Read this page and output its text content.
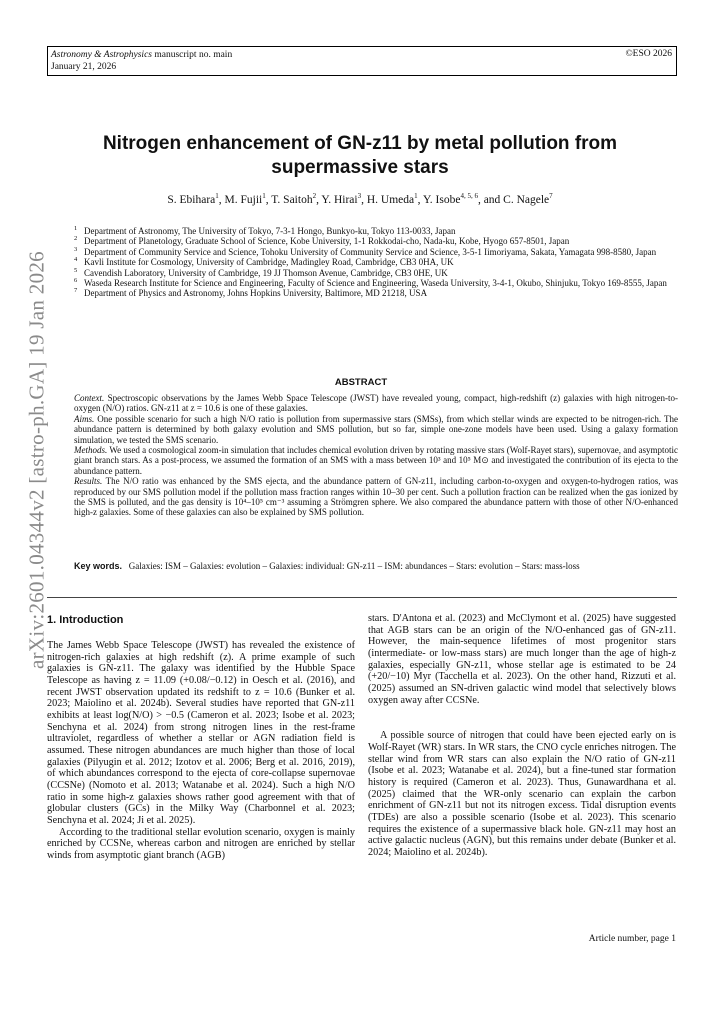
Astronomy & Astrophysics manuscript no. main
January 21, 2026
©ESO 2026
arXiv:2601.04344v2 [astro-ph.GA] 19 Jan 2026
Nitrogen enhancement of GN-z11 by metal pollution from supermassive stars
S. Ebihara$^1$, M. Fujii$^1$, T. Saitoh$^2$, Y. Hirai$^3$, H. Umeda$^1$, Y. Isobe$^{4, 5, 6}$, and C. Nagele$^7$
1 Department of Astronomy, The University of Tokyo, 7-3-1 Hongo, Bunkyo-ku, Tokyo 113-0033, Japan
2 Department of Planetology, Graduate School of Science, Kobe University, 1-1 Rokkodai-cho, Nada-ku, Kobe, Hyogo 657-8501, Japan
3 Department of Community Service and Science, Tohoku University of Community Service and Science, 3-5-1 Iimoriyama, Sakata, Yamagata 998-8580, Japan
4 Kavli Institute for Cosmology, University of Cambridge, Madingley Road, Cambridge, CB3 0HA, UK
5 Cavendish Laboratory, University of Cambridge, 19 JJ Thomson Avenue, Cambridge, CB3 0HE, UK
6 Waseda Research Institute for Science and Engineering, Faculty of Science and Engineering, Waseda University, 3-4-1, Okubo, Shinjuku, Tokyo 169-8555, Japan
7 Department of Physics and Astronomy, Johns Hopkins University, Baltimore, MD 21218, USA
ABSTRACT

Context. Spectroscopic observations by the James Webb Space Telescope (JWST) have revealed young, compact, high-redshift (z) galaxies with high nitrogen-to-oxygen (N/O) ratios. GN-z11 at z = 10.6 is one of these galaxies.

Aims. One possible scenario for such a high N/O ratio is pollution from supermassive stars (SMSs), from which stellar winds are expected to be nitrogen-rich. The abundance pattern is determined by both galaxy evolution and SMS pollution, but so far, simple one-zone models have been used. Using a galaxy formation simulation, we tested the SMS scenario.

Methods. We used a cosmological zoom-in simulation that includes chemical evolution driven by rotating massive stars (Wolf-Rayet stars), supernovae, and asymptotic giant branch stars. As a post-process, we assumed the formation of an SMS with a mass between 10³ and 10⁵ M⊙ and investigated the contribution of its ejecta to the abundance pattern.

Results. The N/O ratio was enhanced by the SMS ejecta, and the abundance pattern of GN-z11, including carbon-to-oxygen and oxygen-to-hydrogen ratios, was reproduced by our SMS pollution model if the pollution mass fraction ranges within 10–30 per cent. Such a pollution fraction can be realized when the gas ionized by the SMS is polluted, and the gas density is 10⁴–10⁵ cm⁻³ assuming a Strömgren sphere. We also compared the abundance pattern with those of other N/O-enhanced high-z galaxies. Some of these galaxies can also be explained by SMS pollution.

Key words. Galaxies: ISM – Galaxies: evolution – Galaxies: individual: GN-z11 – ISM: abundances – Stars: evolution – Stars: mass-loss
1. Introduction

The James Webb Space Telescope (JWST) has revealed the existence of nitrogen-rich galaxies at high redshift (z). A prime example of such galaxies is GN-z11. The galaxy was identified by the Hubble Space Telescope as having z = 11.09 (+0.08/−0.12) in Oesch et al. (2016), and recent JWST observation updated its redshift to z = 10.6 (Bunker et al. 2023; Maiolino et al. 2024b). Several studies have reported that GN-z11 exhibits at least log(N/O) > −0.5 (Cameron et al. 2023; Isobe et al. 2023; Senchyna et al. 2024) from strong nitrogen lines in the rest-frame ultraviolet, regardless of whether a stellar or AGN radiation field is assumed. These nitrogen abundances are much higher than those of local galaxies (Pilyugin et al. 2012; Izotov et al. 2006; Berg et al. 2016, 2019), of which abundances correspond to the ejecta of core-collapse supernovae (CCSNe) (Nomoto et al. 2013; Watanabe et al. 2024). Such a high N/O ratio in some high-z galaxies shows rather good agreement with that of globular clusters (GCs) in the Milky Way (Charbonnel et al. 2023; Senchyna et al. 2024; Ji et al. 2025).

According to the traditional stellar evolution scenario, oxygen is mainly enriched by CCSNe, whereas carbon and nitrogen are enriched by stellar winds from asymptotic giant branch (AGB)

stars. D'Antona et al. (2023) and McClymont et al. (2025) have suggested that AGB stars can be an origin of the N/O-enhanced gas of GN-z11. However, the main-sequence lifetimes of most progenitor stars (intermediate- or low-mass stars) are much longer than the age of high-z galaxies, especially GN-z11, whose stellar age is estimated to be 24 (+20/−10) Myr (Tacchella et al. 2023). On the other hand, Rizzuti et al. (2025) assumed an SN-driven galactic wind model that selectively blows oxygen away after CCSNe.

A possible source of nitrogen that could have been ejected early on is Wolf-Rayet (WR) stars. In WR stars, the CNO cycle enriches nitrogen. The stellar wind from WR stars can also explain the N/O ratio of GN-z11 (Isobe et al. 2023; Watanabe et al. 2024), but a fine-tuned star formation history is required (Cameron et al. 2023). Thus, Gunawardhana et al. (2025) claimed that the WR-only scenario can explain the carbon enrichment of GN-z11 but not its nitrogen excess. Tidal disruption events (TDEs) are also a possible scenario (Isobe et al. 2023). This scenario requires the existence of a supermassive black hole. GN-z11 may host an active galactic nucleus (AGN), but this remains under debate (Bunker et al. 2024; Maiolino et al. 2024b).

Article number, page 1
